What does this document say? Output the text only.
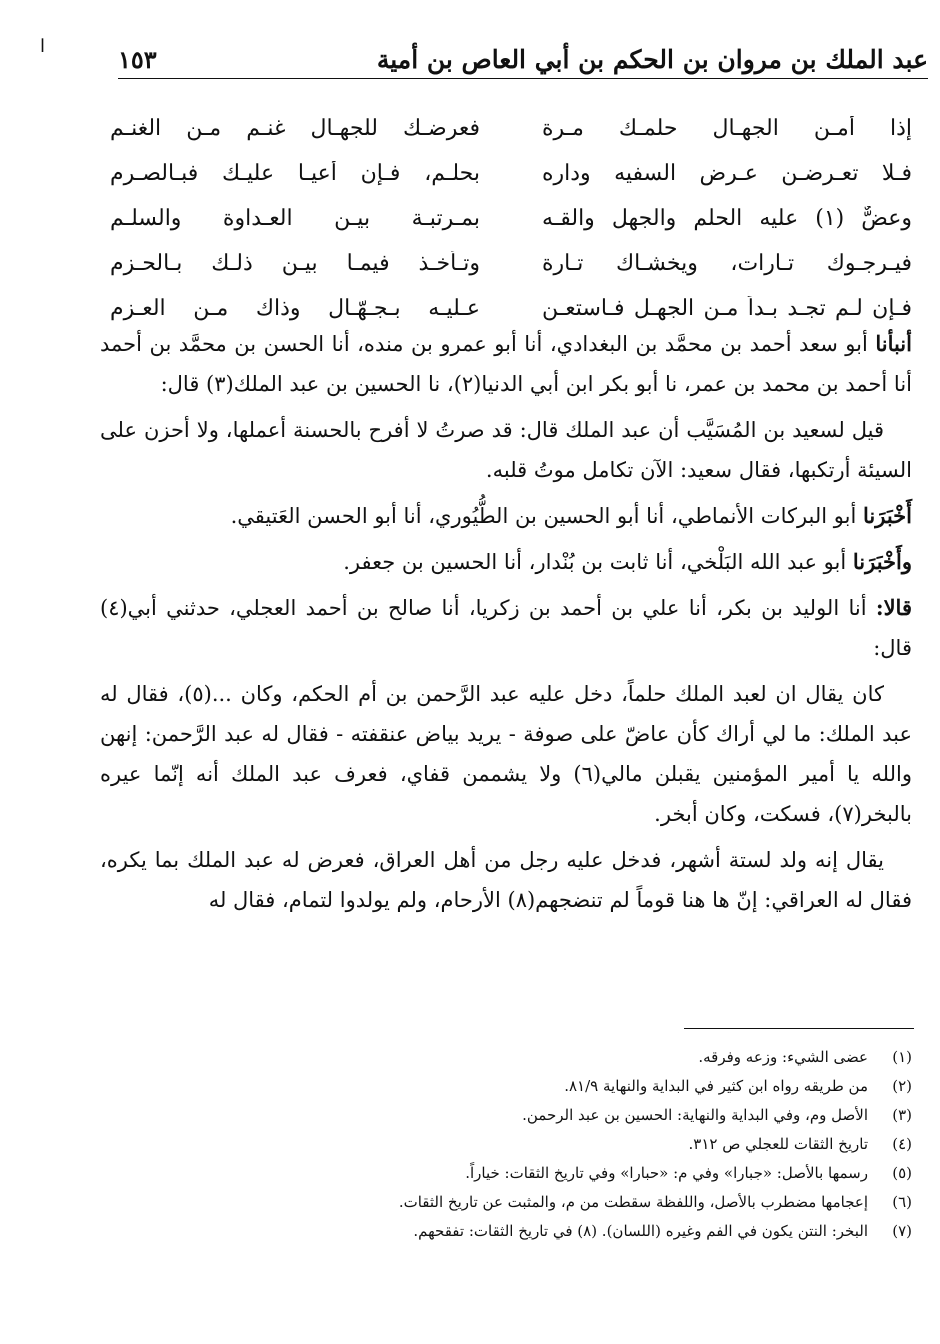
ا	عبد الملك بن مروان بن الحكم بن أبي العاص بن أمية
١٥٣
إذا أمـن الجهـال حلمـك مـرة
فعرضـك للجهـال غنـم مـن الغنـم
فـلا تعـرضـن عـرض السفيه وداره
بحلـم، فـإن أعيـا عليـك فبـالصـرم
وعضٌّ (١) عليه الحلم والجهل والقـه
بمـرتبـة بيـن العـداوة والسلـم
فيـرجـوك تـارات، ويخشـاك تـارة
وتـأخـذ فيمـا بيـن ذلـك بـالحـزم
فـإن لـم تجـد بـداً مـن الجهـل فـاستعـن
عـليـه بـجـهّـال وذاك مـن العـزم

أنبأنا أبو سعد أحمد بن محمَّد بن البغدادي، أنا أبو عمرو بن منده، أنا الحسن بن محمَّد بن أحمد أنا أحمد بن محمد بن عمر، نا أبو بكر ابن أبي الدنيا(٢)، نا الحسين بن عبد الملك(٣) قال:

قيل لسعيد بن المُسَيَّب أن عبد الملك قال: قد صرتُ لا أفرح بالحسنة أعملها، ولا أحزن على السيئة أرتكبها، فقال سعيد: الآن تكامل موتُ قلبه.

أَخْبَرَنا أبو البركات الأنماطي، أنا أبو الحسين بن الطُّيُوري، أنا أبو الحسن العَتيقي.

وأَخْبَرَنا أبو عبد الله البَلْخي، أنا ثابت بن بُنْدار، أنا الحسين بن جعفر.

قالا: أنا الوليد بن بكر، أنا علي بن أحمد بن زكريا، أنا صالح بن أحمد العجلي، حدثني أبي(٤) قال:

كان يقال ان لعبد الملك حلماً، دخل عليه عبد الرَّحمن بن أم الحكم، وكان ...(٥)، فقال له عبد الملك: ما لي أراك كأن عاضّ على صوفة - يريد بياض عنقفته - فقال له عبد الرَّحمن: إنهن والله يا أمير المؤمنين يقبلن مالي(٦) ولا يشممن قفاي، فعرف عبد الملك أنه إنّما عيره بالبخر(٧)، فسكت، وكان أبخر.

يقال إنه ولد لستة أشهر، فدخل عليه رجل من أهل العراق، فعرض له عبد الملك بما يكره، فقال له العراقي: إنّ ها هنا قوماً لم تنضجهم(٨) الأرحام، ولم يولدوا لتمام، فقال له

(١)
عضى الشيء: وزعه وفرقه.
(٢)
من طريقه رواه ابن كثير في البداية والنهاية ٨١/٩.
(٣)
الأصل وم، وفي البداية والنهاية: الحسين بن عبد الرحمن.
(٤)
تاريخ الثقات للعجلي ص ٣١٢.
(٥)
رسمها بالأصل: «جبارا» وفي م: «حبارا» وفي تاريخ الثقات: خياراً.
(٦)
إعجامها مضطرب بالأصل، واللفظة سقطت من م، والمثبت عن تاريخ الثقات.
(٧)
البخر: النتن يكون في الفم وغيره (اللسان). (٨) في تاريخ الثقات: تفقحهم.
